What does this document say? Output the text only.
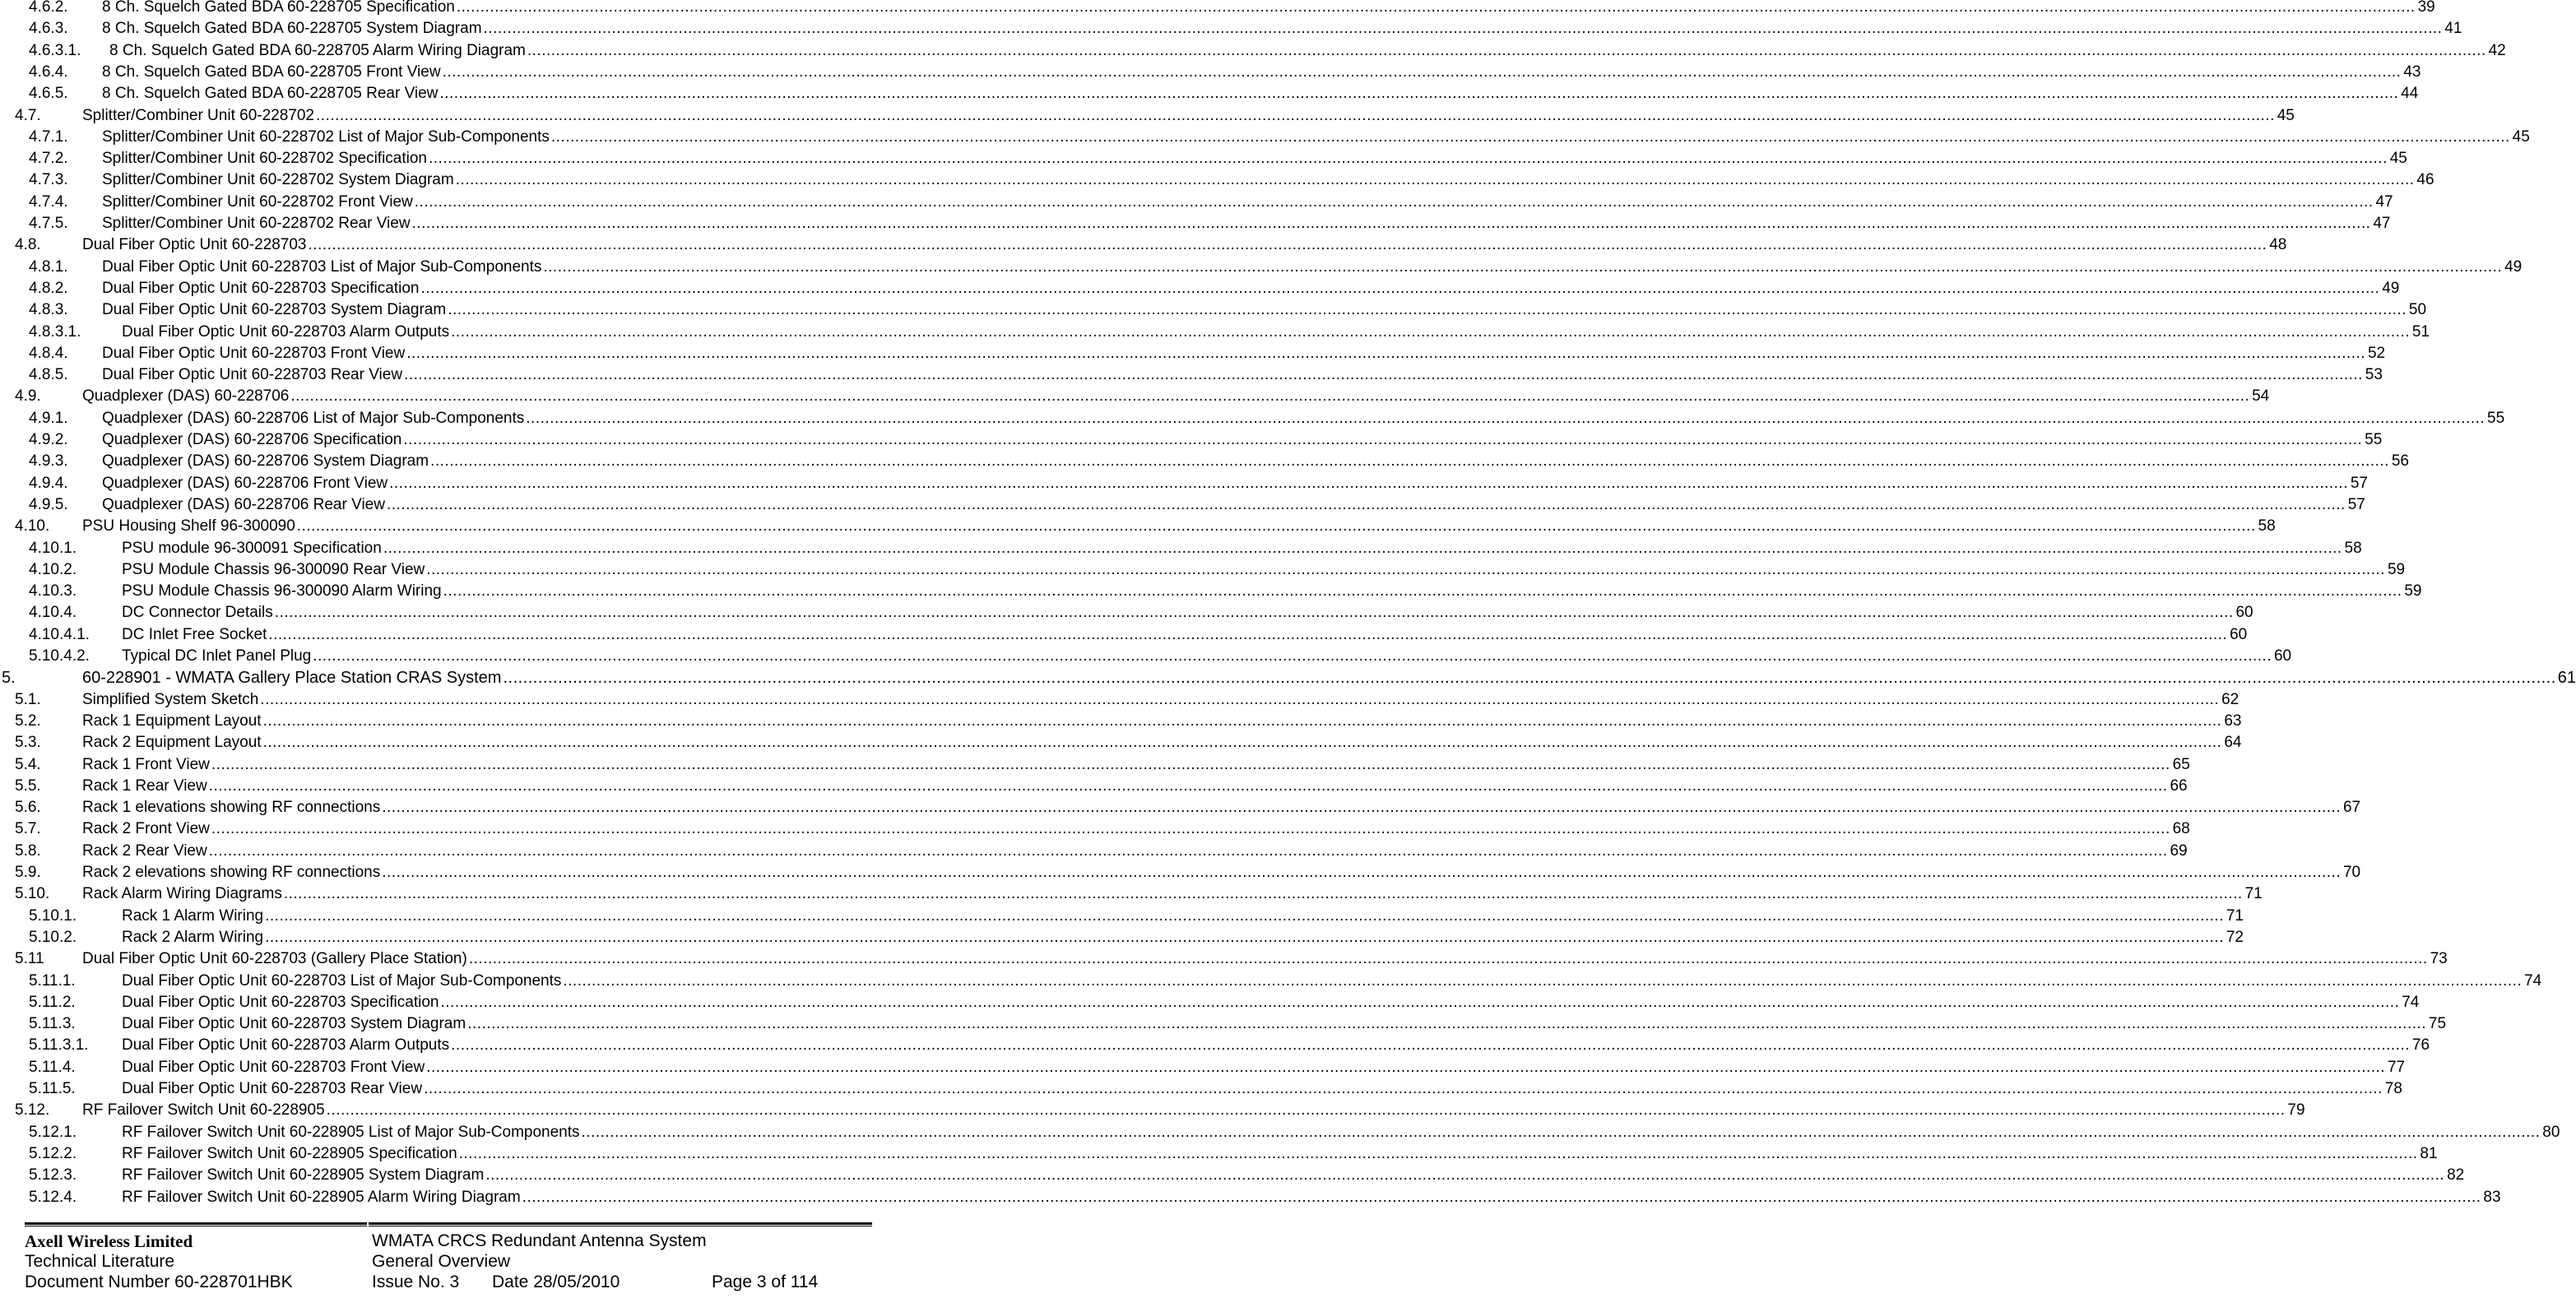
4.6.2.	8 Ch. Squelch Gated BDA 60-228705 Specification .....	39
4.6.3.	8 Ch. Squelch Gated BDA 60-228705 System Diagram .....	41
4.6.3.1.	8 Ch. Squelch Gated BDA 60-228705 Alarm Wiring Diagram .....	42
4.6.4.	8 Ch. Squelch Gated BDA 60-228705 Front View .....	43
4.6.5.	8 Ch. Squelch Gated BDA 60-228705 Rear View .....	44
4.7.	Splitter/Combiner Unit 60-228702 .....	45
4.7.1.	Splitter/Combiner Unit 60-228702 List of Major Sub-Components .....	45
4.7.2.	Splitter/Combiner Unit 60-228702 Specification .....	45
4.7.3.	Splitter/Combiner Unit 60-228702 System Diagram .....	46
4.7.4.	Splitter/Combiner Unit 60-228702 Front View .....	47
4.7.5.	Splitter/Combiner Unit 60-228702 Rear View .....	47
4.8.	Dual Fiber Optic Unit 60-228703 .....	48
4.8.1.	Dual Fiber Optic Unit 60-228703 List of Major Sub-Components .....	49
4.8.2.	Dual Fiber Optic Unit 60-228703 Specification .....	49
4.8.3.	Dual Fiber Optic Unit 60-228703 System Diagram .....	50
4.8.3.1.	Dual Fiber Optic Unit 60-228703 Alarm Outputs .....	51
4.8.4.	Dual Fiber Optic Unit 60-228703 Front View .....	52
4.8.5.	Dual Fiber Optic Unit 60-228703 Rear View .....	53
4.9.	Quadplexer (DAS) 60-228706 .....	54
4.9.1.	Quadplexer (DAS) 60-228706 List of Major Sub-Components .....	55
4.9.2.	Quadplexer (DAS) 60-228706 Specification .....	55
4.9.3.	Quadplexer (DAS) 60-228706 System Diagram .....	56
4.9.4.	Quadplexer (DAS) 60-228706 Front View .....	57
4.9.5.	Quadplexer (DAS) 60-228706 Rear View .....	57
4.10.	PSU Housing Shelf 96-300090 .....	58
4.10.1.	PSU module 96-300091 Specification .....	58
4.10.2.	PSU Module Chassis 96-300090 Rear View .....	59
4.10.3.	PSU Module Chassis 96-300090 Alarm Wiring .....	59
4.10.4.	DC Connector Details .....	60
4.10.4.1.	DC Inlet Free Socket .....	60
5.10.4.2.	Typical DC Inlet Panel Plug .....	60
5.	60-228901 - WMATA Gallery Place Station CRAS System .....	61
5.1.	Simplified System Sketch .....	62
5.2.	Rack 1 Equipment Layout .....	63
5.3.	Rack 2 Equipment Layout .....	64
5.4.	Rack 1 Front View .....	65
5.5.	Rack 1 Rear View .....	66
5.6.	Rack 1 elevations showing RF connections .....	67
5.7.	Rack 2 Front View .....	68
5.8.	Rack 2 Rear View .....	69
5.9.	Rack 2 elevations showing RF connections .....	70
5.10.	Rack Alarm Wiring Diagrams .....	71
5.10.1.	Rack 1 Alarm Wiring .....	71
5.10.2.	Rack 2 Alarm Wiring .....	72
5.11	Dual Fiber Optic Unit 60-228703 (Gallery Place Station) .....	73
5.11.1.	Dual Fiber Optic Unit 60-228703 List of Major Sub-Components .....	74
5.11.2.	Dual Fiber Optic Unit 60-228703 Specification .....	74
5.11.3.	Dual Fiber Optic Unit 60-228703 System Diagram .....	75
5.11.3.1.	Dual Fiber Optic Unit 60-228703 Alarm Outputs .....	76
5.11.4.	Dual Fiber Optic Unit 60-228703 Front View .....	77
5.11.5.	Dual Fiber Optic Unit 60-228703 Rear View .....	78
5.12.	RF Failover Switch Unit 60-228905 .....	79
5.12.1.	RF Failover Switch Unit 60-228905 List of Major Sub-Components .....	80
5.12.2.	RF Failover Switch Unit 60-228905 Specification .....	81
5.12.3.	RF Failover Switch Unit 60-228905 System Diagram .....	82
5.12.4.	RF Failover Switch Unit 60-228905 Alarm Wiring Diagram .....	83
Axell Wireless Limited
Technical Literature
Document Number 60-228701HBK
WMATA CRCS Redundant Antenna System
General Overview
Issue No. 3 Date 28/05/2010	Page 3 of 114
